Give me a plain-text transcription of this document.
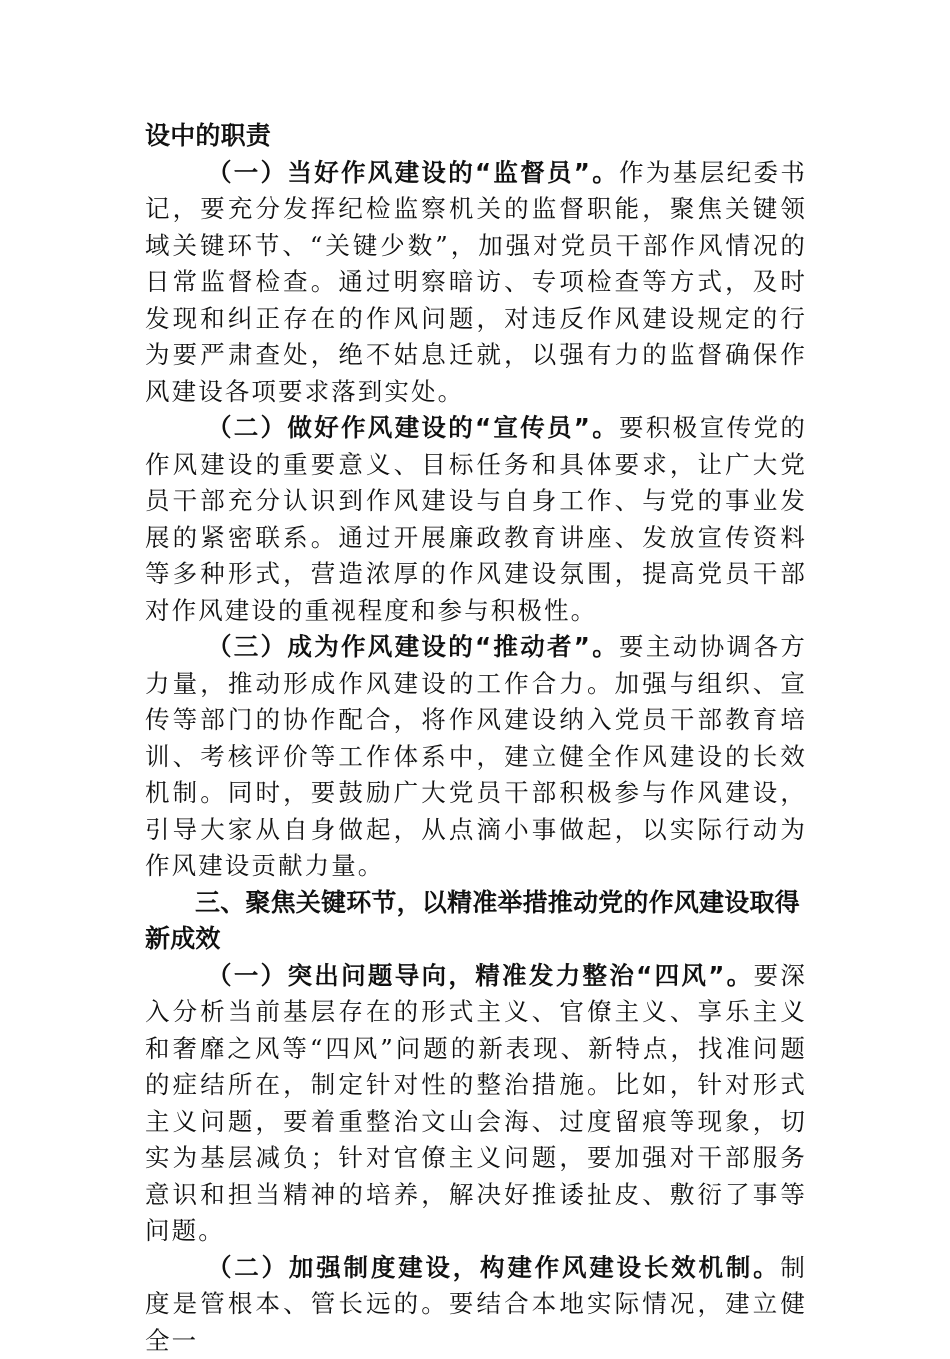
设中的职责

（一）当好作风建设的“监督员”。作为基层纪委书记，要充分发挥纪检监察机关的监督职能，聚焦关键领域关键环节、“关键少数”，加强对党员干部作风情况的日常监督检查。通过明察暗访、专项检查等方式，及时发现和纠正存在的作风问题，对违反作风建设规定的行为要严肃查处，绝不姑息迁就，以强有力的监督确保作风建设各项要求落到实处。

（二）做好作风建设的“宣传员”。要积极宣传党的作风建设的重要意义、目标任务和具体要求，让广大党员干部充分认识到作风建设与自身工作、与党的事业发展的紧密联系。通过开展廉政教育讲座、发放宣传资料等多种形式，营造浓厚的作风建设氛围，提高党员干部对作风建设的重视程度和参与积极性。

（三）成为作风建设的“推动者”。要主动协调各方力量，推动形成作风建设的工作合力。加强与组织、宣传等部门的协作配合，将作风建设纳入党员干部教育培训、考核评价等工作体系中，建立健全作风建设的长效机制。同时，要鼓励广大党员干部积极参与作风建设，引导大家从自身做起，从点滴小事做起，以实际行动为作风建设贡献力量。

三、聚焦关键环节，以精准举措推动党的作风建设取得新成效

（一）突出问题导向，精准发力整治“四风”。要深入分析当前基层存在的形式主义、官僚主义、享乐主义和奢靡之风等“四风”问题的新表现、新特点，找准问题的症结所在，制定针对性的整治措施。比如，针对形式主义问题，要着重整治文山会海、过度留痕等现象，切实为基层减负；针对官僚主义问题，要加强对干部服务意识和担当精神的培养，解决好推诿扯皮、敷衍了事等问题。

（二）加强制度建设，构建作风建设长效机制。制度是管根本、管长远的。要结合本地实际情况，建立健全一
